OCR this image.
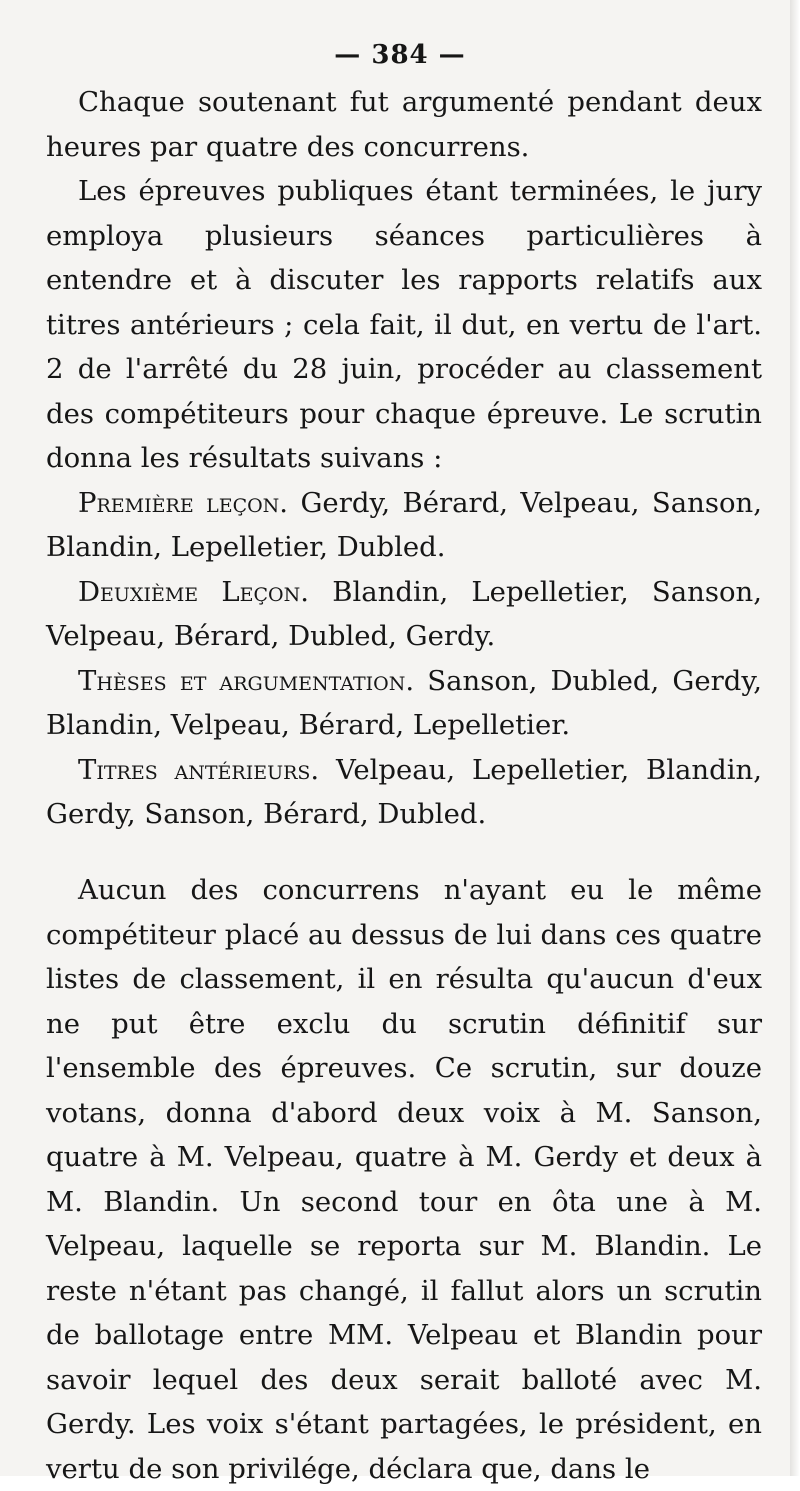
— 384 —

Chaque soutenant fut argumenté pendant deux heures par quatre des concurrens.

Les épreuves publiques étant terminées, le jury employa plusieurs séances particulières à entendre et à discuter les rapports relatifs aux titres antérieurs ; cela fait, il dut, en vertu de l'art. 2 de l'arrêté du 28 juin, procéder au classement des compétiteurs pour chaque épreuve. Le scrutin donna les résultats suivans :

Première leçon. Gerdy, Bérard, Velpeau, Sanson, Blandin, Lepelletier, Dubled.

Deuxième Leçon. Blandin, Lepelletier, Sanson, Velpeau, Bérard, Dubled, Gerdy.

Thèses et argumentation. Sanson, Dubled, Gerdy, Blandin, Velpeau, Bérard, Lepelletier.

Titres antérieurs. Velpeau, Lepelletier, Blandin, Gerdy, Sanson, Bérard, Dubled.

Aucun des concurrens n'ayant eu le même compétiteur placé au dessus de lui dans ces quatre listes de classement, il en résulta qu'aucun d'eux ne put être exclu du scrutin définitif sur l'ensemble des épreuves. Ce scrutin, sur douze votans, donna d'abord deux voix à M. Sanson, quatre à M. Velpeau, quatre à M. Gerdy et deux à M. Blandin. Un second tour en ôta une à M. Velpeau, laquelle se reporta sur M. Blandin. Le reste n'étant pas changé, il fallut alors un scrutin de ballotage entre MM. Velpeau et Blandin pour savoir lequel des deux serait balloté avec M. Gerdy. Les voix s'étant partagées, le président, en vertu de son privilége, déclara que, dans le
